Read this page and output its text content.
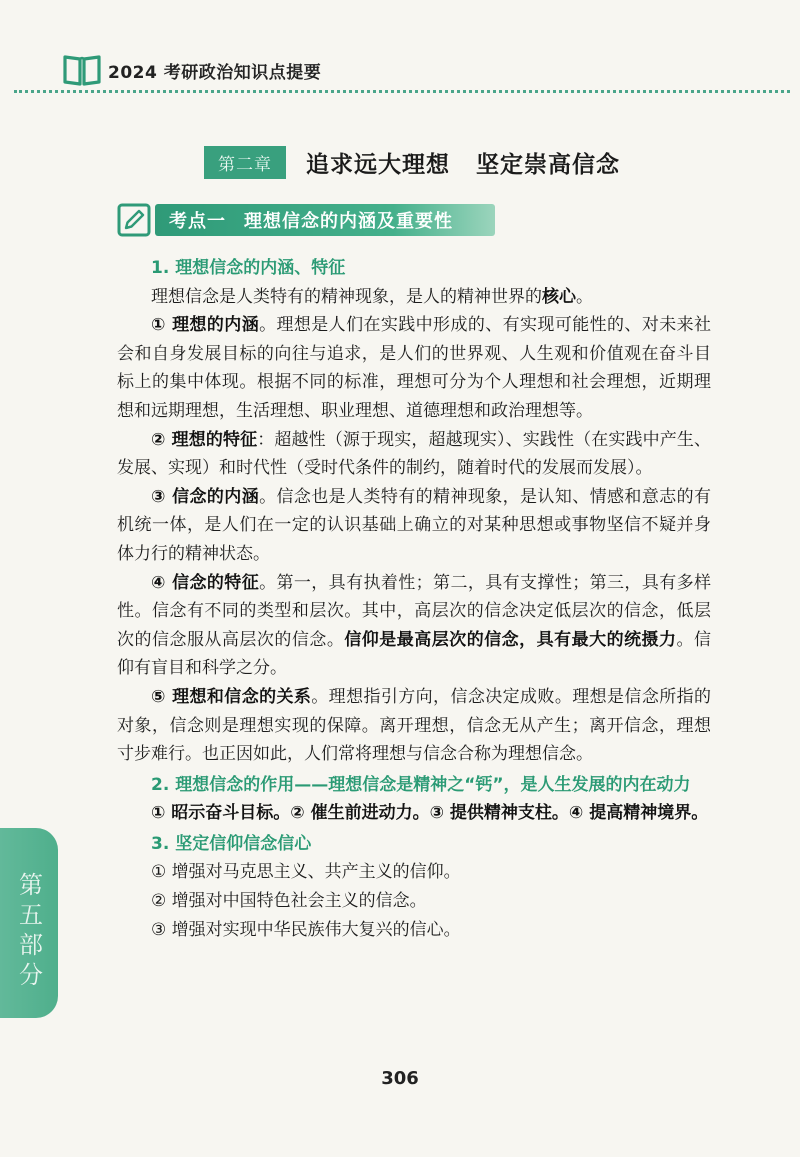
2024 考研政治知识点提要
第二章	追求远大理想 坚定崇高信念
考点一 理想信念的内涵及重要性

1. 理想信念的内涵、特征

理想信念是人类特有的精神现象，是人的精神世界的核心。

① 理想的内涵。理想是人们在实践中形成的、有实现可能性的、对未来社会和自身发展目标的向往与追求，是人们的世界观、人生观和价值观在奋斗目标上的集中体现。根据不同的标准，理想可分为个人理想和社会理想，近期理想和远期理想，生活理想、职业理想、道德理想和政治理想等。

② 理想的特征：超越性（源于现实，超越现实）、实践性（在实践中产生、发展、实现）和时代性（受时代条件的制约，随着时代的发展而发展）。

③ 信念的内涵。信念也是人类特有的精神现象，是认知、情感和意志的有机统一体，是人们在一定的认识基础上确立的对某种思想或事物坚信不疑并身体力行的精神状态。

④ 信念的特征。第一，具有执着性；第二，具有支撑性；第三，具有多样性。信念有不同的类型和层次。其中，高层次的信念决定低层次的信念，低层次的信念服从高层次的信念。信仰是最高层次的信念，具有最大的统摄力。信仰有盲目和科学之分。

⑤ 理想和信念的关系。理想指引方向，信念决定成败。理想是信念所指的对象，信念则是理想实现的保障。离开理想，信念无从产生；离开信念，理想寸步难行。也正因如此，人们常将理想与信念合称为理想信念。

2. 理想信念的作用——理想信念是精神之“钙”，是人生发展的内在动力

① 昭示奋斗目标。② 催生前进动力。③ 提供精神支柱。④ 提高精神境界。

3. 坚定信仰信念信心

① 增强对马克思主义、共产主义的信仰。

② 增强对中国特色社会主义的信念。

③ 增强对实现中华民族伟大复兴的信心。

第五部分
306
